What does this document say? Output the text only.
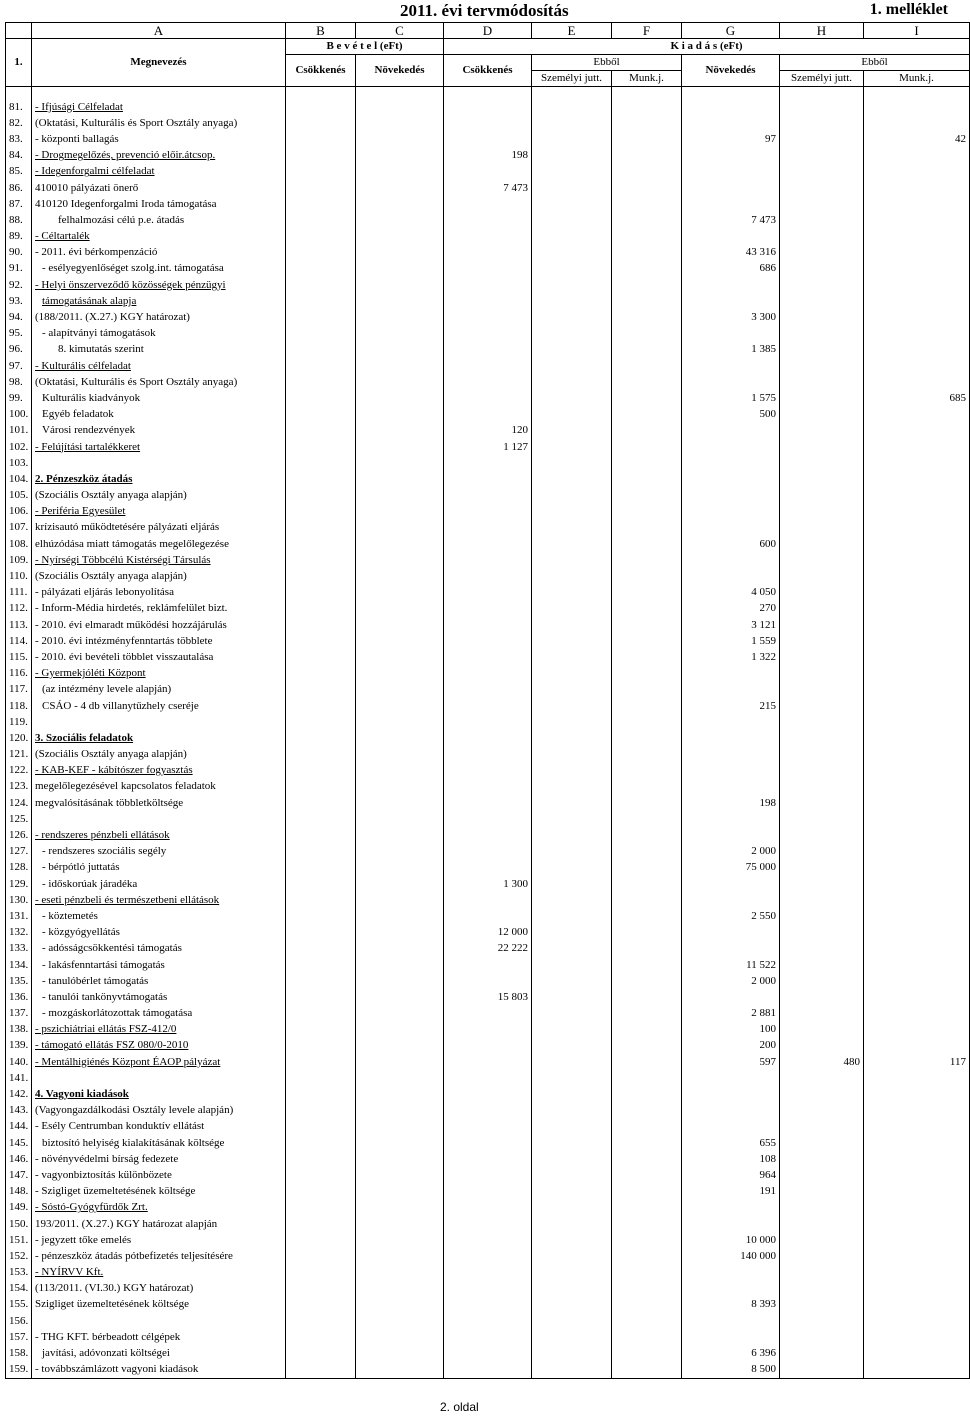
2011. évi tervmódosítás	1. melléklet
	A	B	C	D	E	F	G	H	I
1.	Megnevezés	B e v é t e l (eFt)		K i a d á s (eFt)					
		Csökkenés	Növekedés	Csökkenés	Ebből		Növekedés	Ebből	
					Személyi jutt.	Munk.j.		Személyi jutt.	Munk.j.

81.	- Ifjúsági Célfeladat								
82.	(Oktatási, Kulturális és Sport Osztály anyaga)								
83.	- központi ballagás						97		42
84.	- Drogmegelőzés, prevenció előir.átcsop.			198					
85.	- Idegenforgalmi célfeladat								
86.	410010 pályázati önerő			7 473					
87.	410120 Idegenforgalmi Iroda támogatása								
88.	felhalmozási célú p.e. átadás						7 473		
89.	- Céltartalék								
90.	- 2011. évi bérkompenzáció						43 316		
91.	- esélyegyenlőséget szolg.int. támogatása						686		
92.	- Helyi önszerveződő közösségek pénzügyi								
93.	támogatásának alapja								
94.	(188/2011. (X.27.) KGY határozat)						3 300		
95.	- alapítványi támogatások								
96.	8. kimutatás szerint						1 385		
97.	- Kulturális célfeladat								
98.	(Oktatási, Kulturális és Sport Osztály anyaga)								
99.	Kulturális kiadványok						1 575		685
100.	Egyéb feladatok						500		
101.	Városi rendezvények			120					
102.	- Felújítási tartalékkeret			1 127					
103.									
104.	2. Pénzeszköz átadás								
105.	(Szociális Osztály anyaga alapján)								
106.	- Periféria Egyesület								
107.	krízisautó működtetésére pályázati eljárás								
108.	elhúzódása miatt támogatás megelőlegezése						600		
109.	- Nyírségi Többcélú Kistérségi Társulás								
110.	(Szociális Osztály anyaga alapján)								
111.	- pályázati eljárás lebonyolítása						4 050		
112.	- Inform-Média hirdetés, reklámfelület bizt.						270		
113.	- 2010. évi elmaradt működési hozzájárulás						3 121		
114.	- 2010. évi intézményfenntartás többlete						1 559		
115.	- 2010. évi bevételi többlet visszautalása						1 322		
116.	- Gyermekjóléti Központ								
117.	(az intézmény levele alapján)								
118.	CSÁO - 4 db villanytűzhely cseréje						215		
119.									
120.	3. Szociális feladatok								
121.	(Szociális Osztály anyaga alapján)								
122.	- KAB-KEF - kábítószer fogyasztás								
123.	megelőlegezésével kapcsolatos feladatok								
124.	megvalósításának többletköltsége						198		
125.									
126.	- rendszeres pénzbeli ellátások								
127.	- rendszeres szociális segély						2 000		
128.	- bérpótló juttatás						75 000		
129.	- időskorúak járadéka			1 300					
130.	- eseti pénzbeli és természetbeni ellátások								
131.	- köztemetés						2 550		
132.	- közgyógyellátás			12 000					
133.	- adósságcsökkentési támogatás			22 222					
134.	- lakásfenntartási támogatás						11 522		
135.	- tanulóbérlet támogatás						2 000		
136.	- tanulói tankönyvtámogatás			15 803					
137.	- mozgáskorlátozottak támogatása						2 881		
138.	- pszichiátriai ellátás FSZ-412/0						100		
139.	- támogató ellátás FSZ 080/0-2010						200		
140.	- Mentálhigiénés Központ ÉAOP pályázat						597	480	117
141.									
142.	4. Vagyoni kiadások								
143.	(Vagyongazdálkodási Osztály levele alapján)								
144.	- Esély Centrumban konduktív ellátást								
145.	biztosító helyiség kialakításának költsége						655		
146.	- növényvédelmi bírság fedezete						108		
147.	- vagyonbiztosítás különbözete						964		
148.	- Szigliget üzemeltetésének költsége						191		
149.	- Sóstó-Gyógyfürdők Zrt.								
150.	193/2011. (X.27.) KGY határozat alapján								
151.	- jegyzett tőke emelés						10 000		
152.	- pénzeszköz átadás pótbefizetés teljesítésére						140 000		
153.	- NYÍRVV Kft.								
154.	(113/2011. (VI.30.) KGY határozat)								
155.	Szigliget üzemeltetésének költsége						8 393		
156.									
157.	- THG KFT. bérbeadott célgépek								
158.	javítási, adóvonzati költségei						6 396		
159.	- továbbszámlázott vagyoni kiadások						8 500		
2. oldal
